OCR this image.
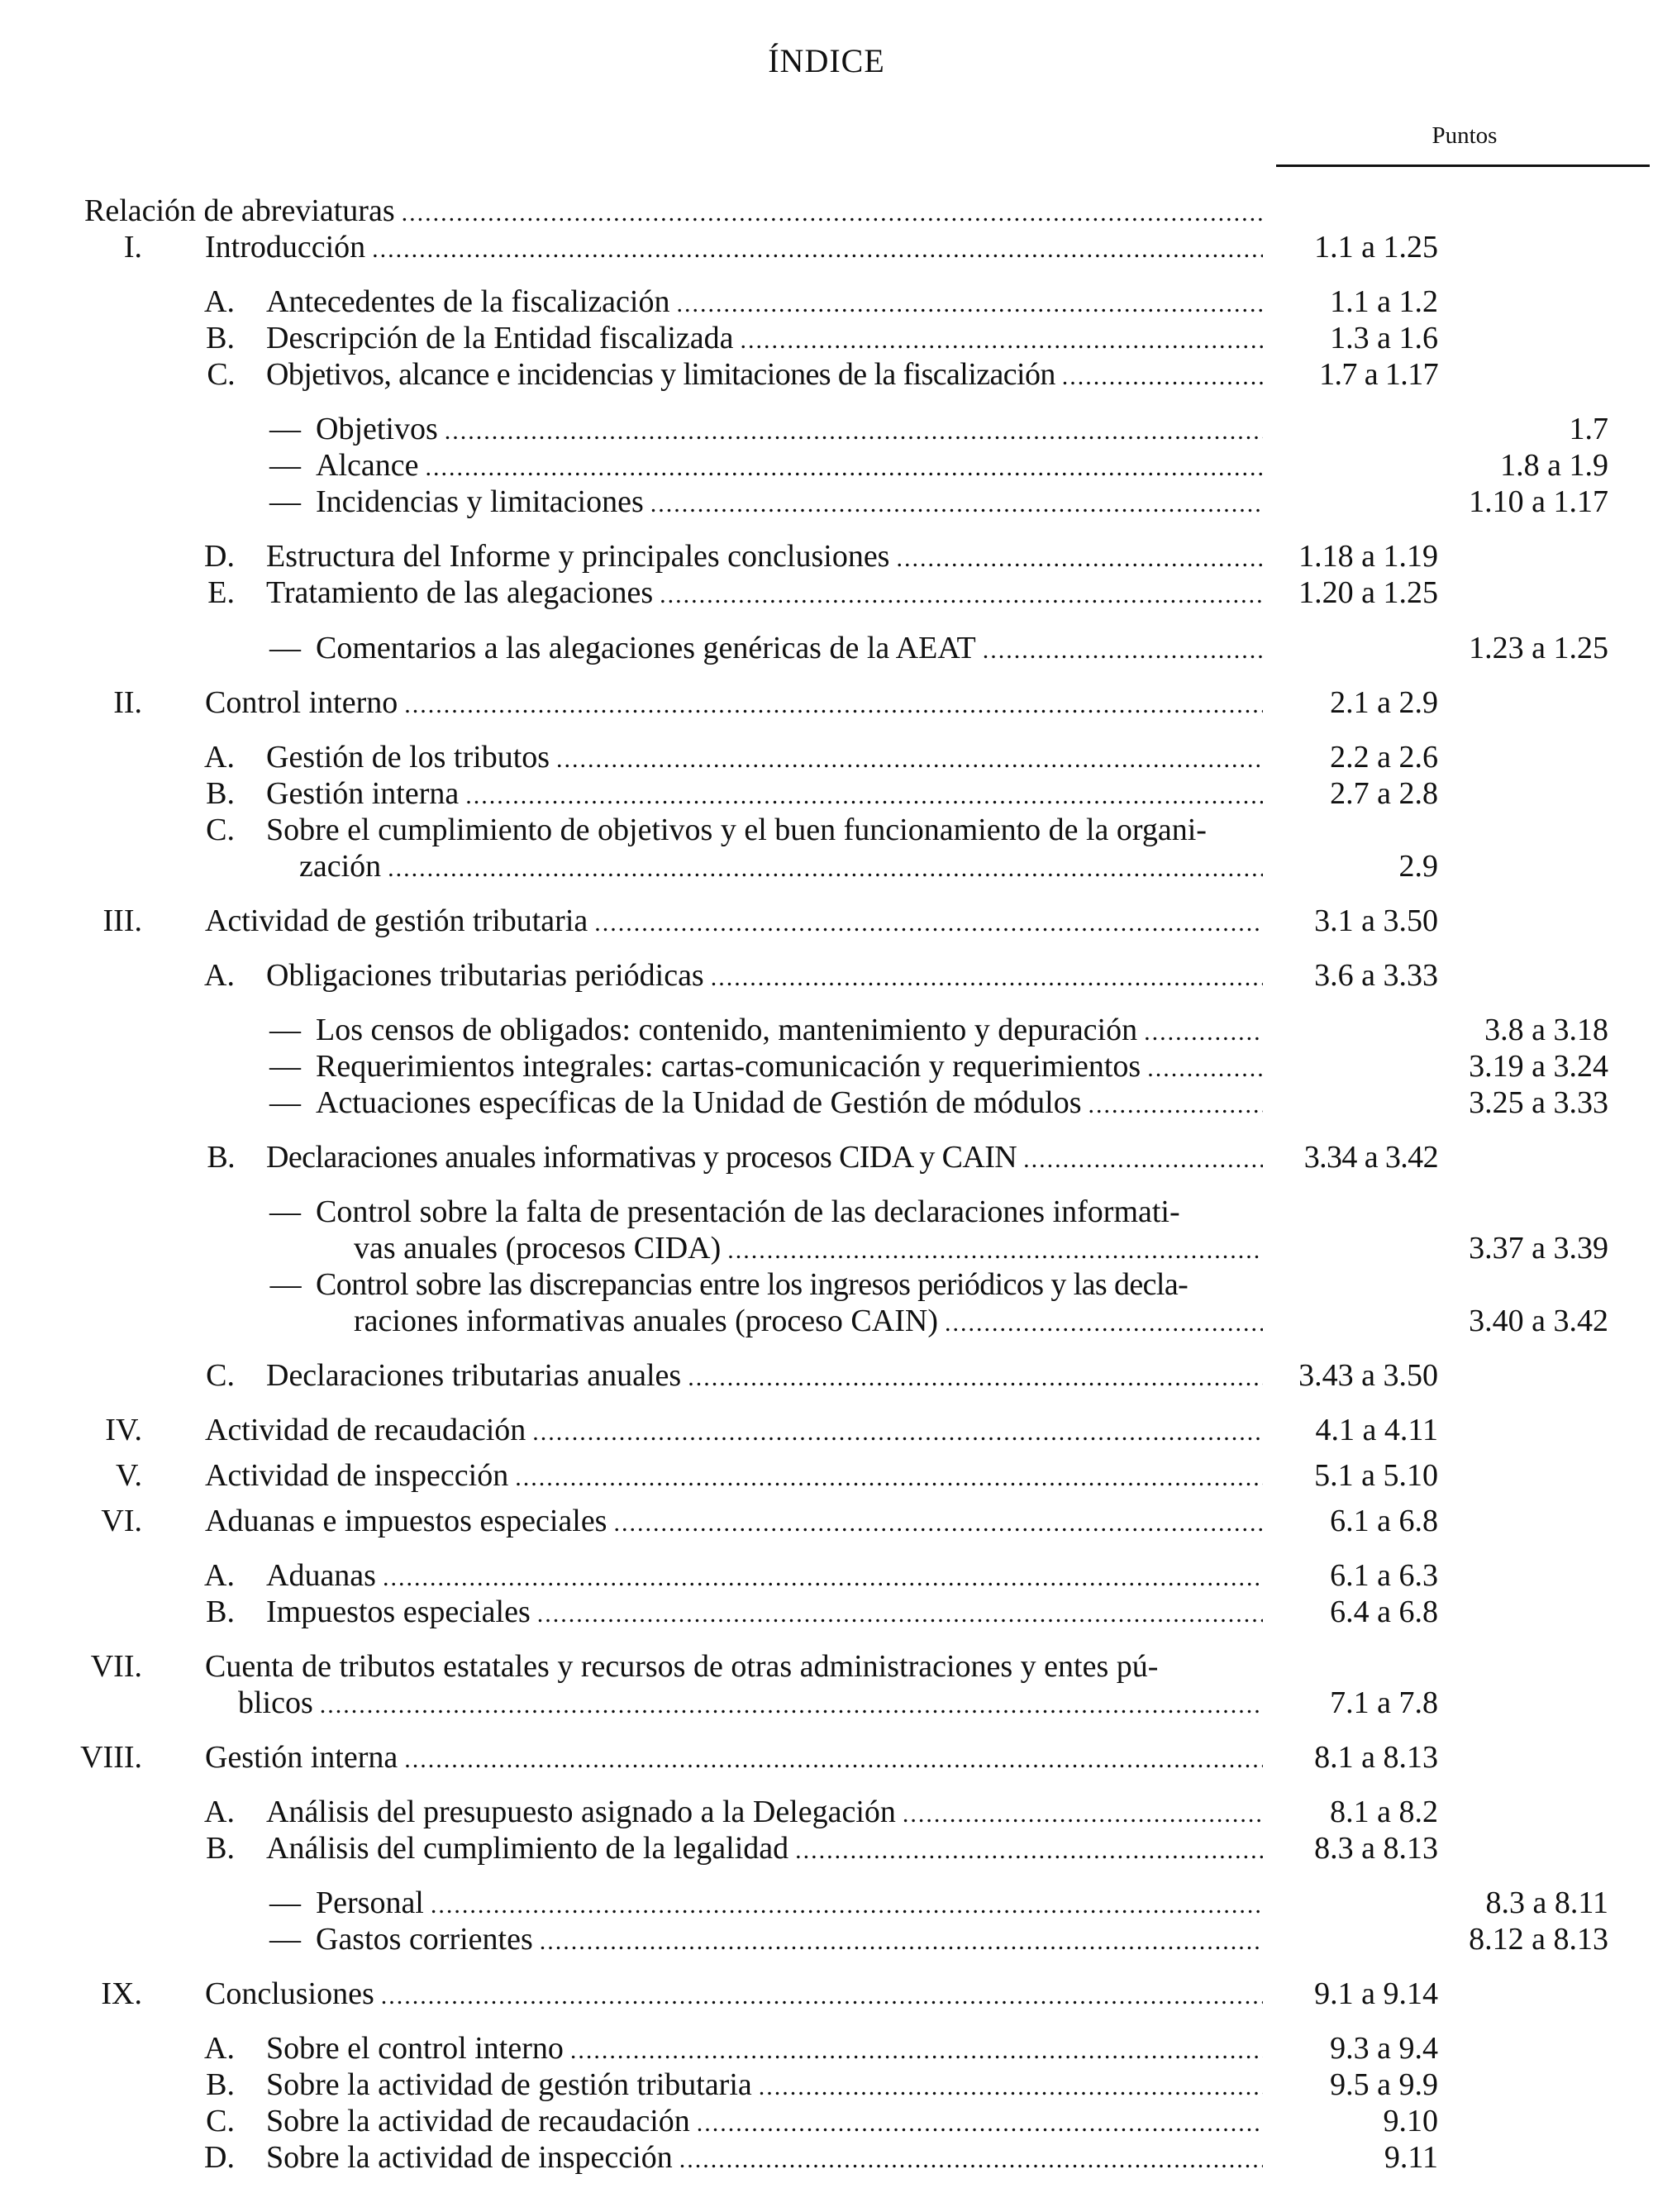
ÍNDICE
Puntos
Relación de abreviaturas
.....
I. Introducción .....	1.1 a 1.25
A. Antecedentes de la fiscalización .....	1.1 a 1.2
B. Descripción de la Entidad fiscalizada .....	1.3 a 1.6
C. Objetivos, alcance e incidencias y limitaciones de la fiscalización .....	1.7 a 1.17
— Objetivos .....	1.7
— Alcance .....	1.8 a 1.9
— Incidencias y limitaciones .....	1.10 a 1.17
D. Estructura del Informe y principales conclusiones .....	1.18 a 1.19
E. Tratamiento de las alegaciones .....	1.20 a 1.25
— Comentarios a las alegaciones genéricas de la AEAT .....	1.23 a 1.25
II. Control interno .....	2.1 a 2.9
A. Gestión de los tributos .....	2.2 a 2.6
B. Gestión interna .....	2.7 a 2.8
C. Sobre el cumplimiento de objetivos y el buen funcionamiento de la organi-
zación .....	2.9
III. Actividad de gestión tributaria .....	3.1 a 3.50
A. Obligaciones tributarias periódicas .....	3.6 a 3.33
— Los censos de obligados: contenido, mantenimiento y depuración .....	3.8 a 3.18
— Requerimientos integrales: cartas-comunicación y requerimientos .....	3.19 a 3.24
— Actuaciones específicas de la Unidad de Gestión de módulos .....	3.25 a 3.33
B. Declaraciones anuales informativas y procesos CIDA y CAIN .....	3.34 a 3.42
— Control sobre la falta de presentación de las declaraciones informati-
vas anuales (procesos CIDA) .....	3.37 a 3.39
— Control sobre las discrepancias entre los ingresos periódicos y las decla-
raciones informativas anuales (proceso CAIN) .....	3.40 a 3.42
C. Declaraciones tributarias anuales .....	3.43 a 3.50
IV. Actividad de recaudación .....	4.1 a 4.11
V. Actividad de inspección .....	5.1 a 5.10
VI. Aduanas e impuestos especiales .....	6.1 a 6.8
A. Aduanas .....	6.1 a 6.3
B. Impuestos especiales .....	6.4 a 6.8
VII. Cuenta de tributos estatales y recursos de otras administraciones y entes pú-
blicos .....	7.1 a 7.8
VIII. Gestión interna .....	8.1 a 8.13
A. Análisis del presupuesto asignado a la Delegación .....	8.1 a 8.2
B. Análisis del cumplimiento de la legalidad .....	8.3 a 8.13
— Personal .....	8.3 a 8.11
— Gastos corrientes .....	8.12 a 8.13
IX. Conclusiones .....	9.1 a 9.14
A. Sobre el control interno .....	9.3 a 9.4
B. Sobre la actividad de gestión tributaria .....	9.5 a 9.9
C. Sobre la actividad de recaudación .....	9.10
D. Sobre la actividad de inspección .....	9.11
